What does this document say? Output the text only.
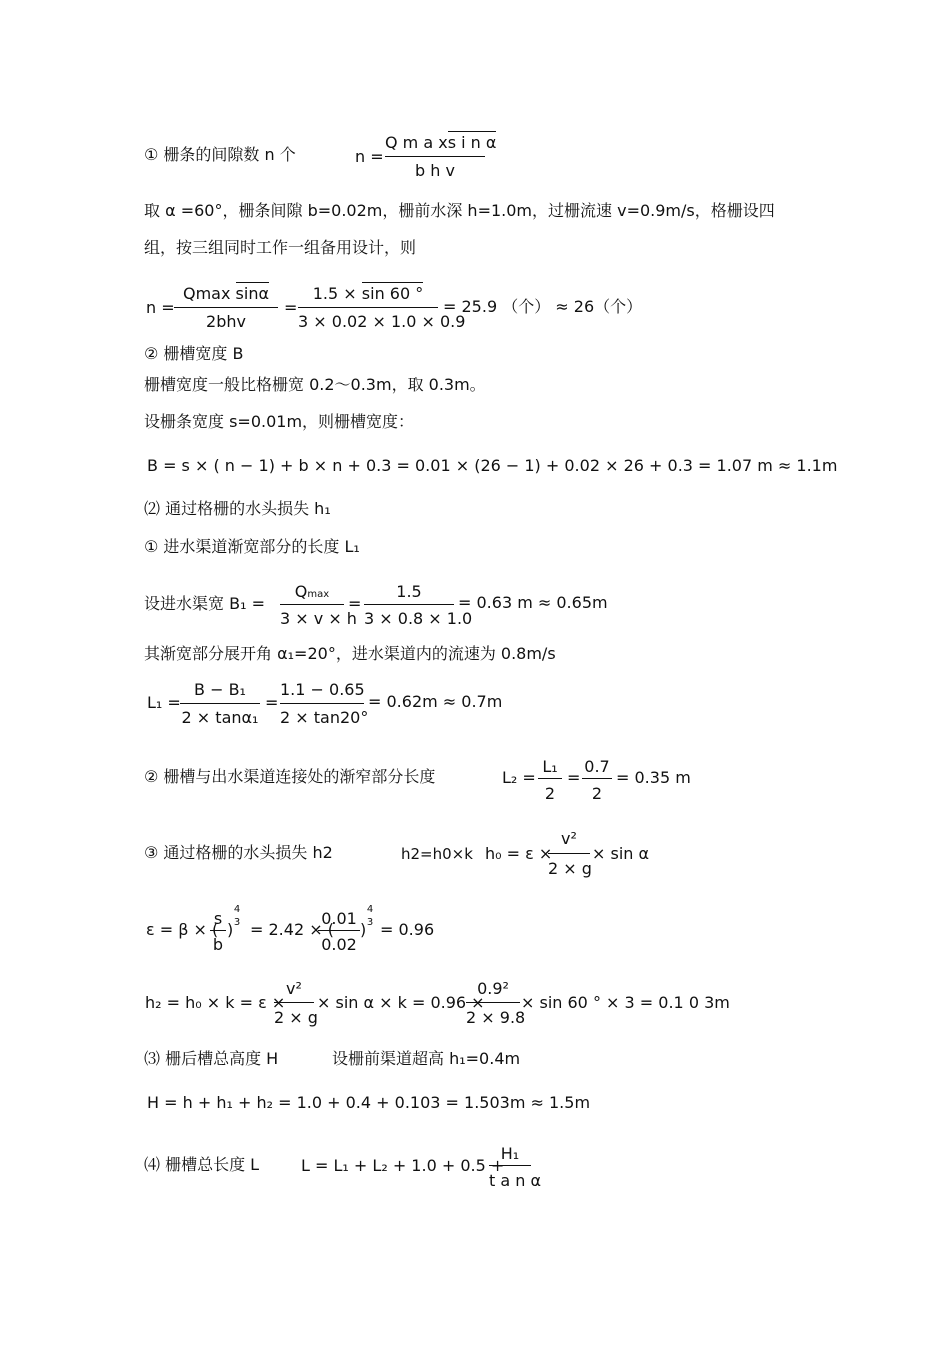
① 栅条的间隙数 n 个	n =
Q m a xs i n α
b h v
取 α =60°，栅条间隙 b=0.02m，栅前水深 h=1.0m，过栅流速 v=0.9m/s，格栅设四
组，按三组同时工作一组备用设计，则
n =
Qmax sinα
2bhv
=
1.5 × sin 60 °
3 × 0.02 × 1.0 × 0.9
= 25.9 （个） ≈ 26（个）
② 栅槽宽度 B
栅槽宽度一般比格栅宽 0.2～0.3m，取 0.3m。
设栅条宽度 s=0.01m，则栅槽宽度：
B = s × ( n − 1) + b × n + 0.3 = 0.01 × (26 − 1) + 0.02 × 26 + 0.3 = 1.07 m ≈ 1.1m
⑵ 通过格栅的水头损失 h₁
① 进水渠道渐宽部分的长度 L₁
设进水渠宽 B₁ =
Qmax
3 × v × h
=
1.5
3 × 0.8 × 1.0
= 0.63 m ≈ 0.65m
其渐宽部分展开角 α₁=20°，进水渠道内的流速为 0.8m/s
L₁ =
B − B₁
2 × tanα₁
=
1.1 − 0.65
2 × tan20°
= 0.62m ≈ 0.7m
② 栅槽与出水渠道连接处的渐窄部分长度	L₂ =
L₁
2
=
0.7
2
= 0.35 m
③ 通过格栅的水头损失 h2	h2=h0×k h₀ = ε ×
v²
2 × g
× sin α
ε = β × (
s
b
)
4
3 = 2.42 × (
0.01
0.02
)
4
3 = 0.96
h₂ = h₀ × k = ε ×
v²
2 × g
× sin α × k = 0.96 ×
0.9²
2 × 9.8
× sin 60 ° × 3 = 0.1 0 3m
⑶ 栅后槽总高度 H	设栅前渠道超高 h₁=0.4m
H = h + h₁ + h₂ = 1.0 + 0.4 + 0.103 = 1.503m ≈ 1.5m
⑷ 栅槽总长度 L	L = L₁ + L₂ + 1.0 + 0.5 +
H₁
t a n α
